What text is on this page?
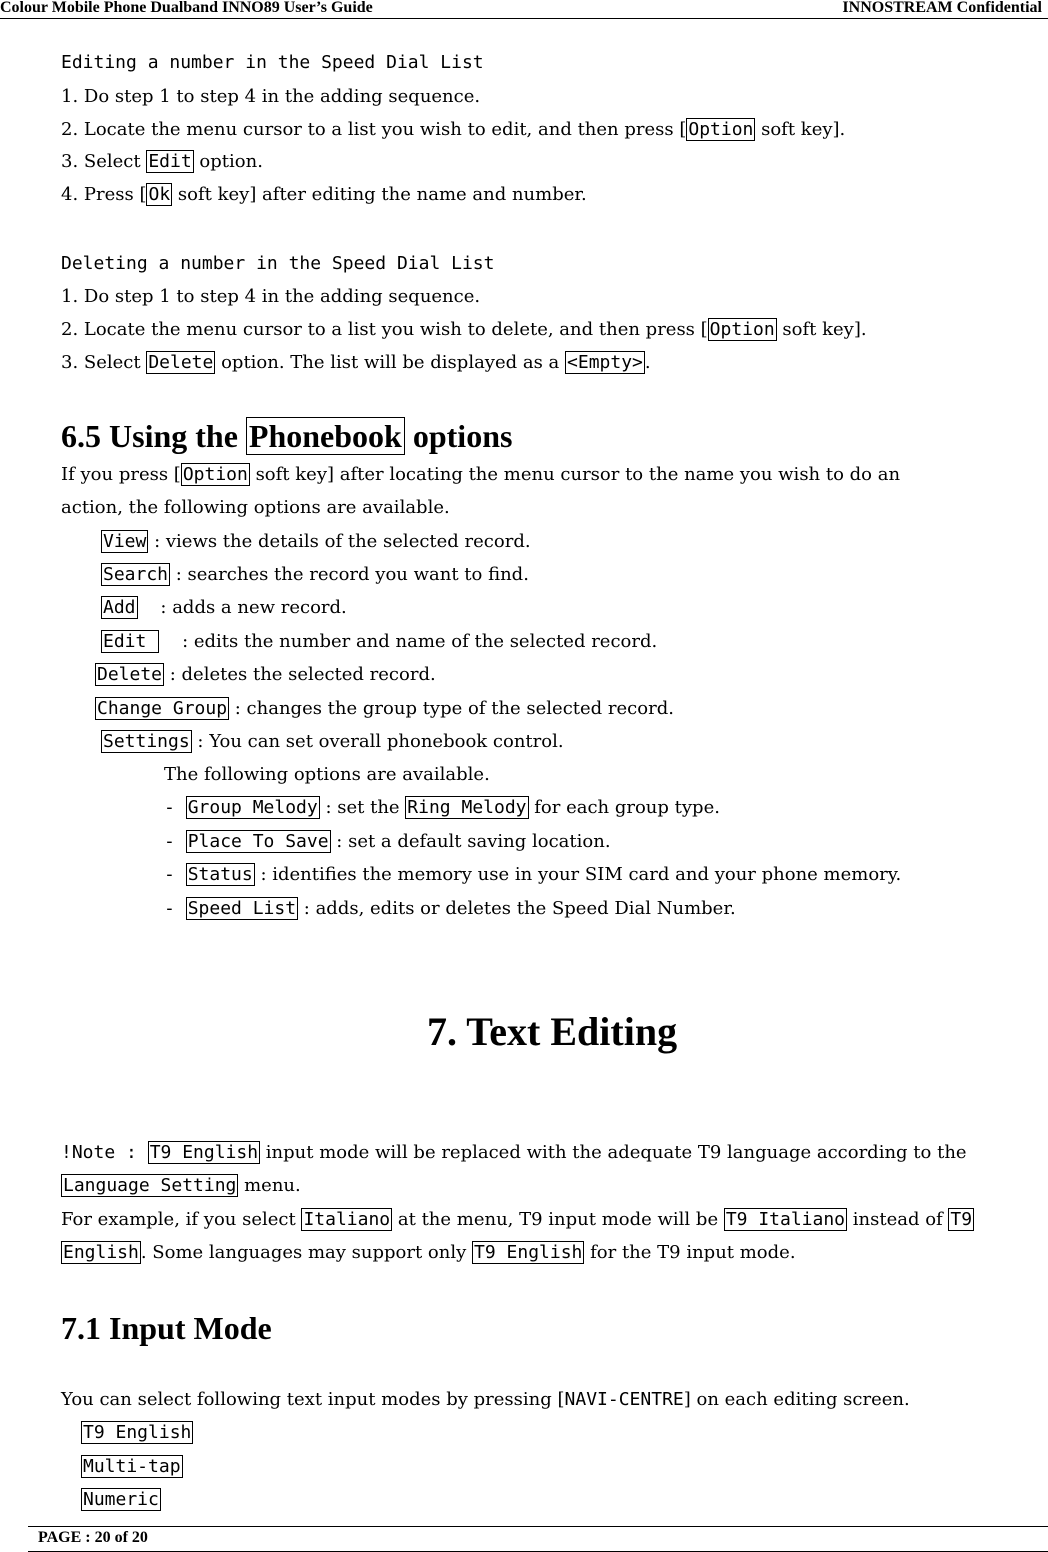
Colour Mobile Phone Dualband INNO89 User’s Guide	INNOSTREAM Confidential
Editing a number in the Speed Dial List
1. Do step 1 to step 4 in the adding sequence.
2. Locate the menu cursor to a list you wish to edit, and then press [ Option soft key].
3. Select Edit option.
4. Press [ Ok soft key] after editing the name and number.
Deleting a number in the Speed Dial List
1. Do step 1 to step 4 in the adding sequence.
2. Locate the menu cursor to a list you wish to delete, and then press [ Option soft key].
3. Select Delete option. The list will be displayed as a <Empty> .
6.5 Using the Phonebook options
If you press [ Option soft key] after locating the menu cursor to the name you wish to do an
action, the following options are available.
View : views the details of the selected record.
Search : searches the record you want to find.
Add    : adds a new record.
Edit     : edits the number and name of the selected record.
Delete : deletes the selected record.
Change Group : changes the group type of the selected record.
Settings : You can set overall phonebook control.
The following options are available.
- Group Melody : set the Ring Melody for each group type.
- Place To Save : set a default saving location.
- Status : identifies the memory use in your SIM card and your phone memory.
- Speed List : adds, edits or deletes the Speed Dial Number.
7. Text Editing
!Note : T9 English input mode will be replaced with the adequate T9 language according to the
Language Setting menu.
For example, if you select Italiano at the menu, T9 input mode will be T9 Italiano instead of T9
English . Some languages may support only T9 English for the T9 input mode.
7.1 Input Mode
You can select following text input modes by pressing [NAVI-CENTRE] on each editing screen.
T9 English
Multi-tap
Numeric
PAGE : 20 of 20
